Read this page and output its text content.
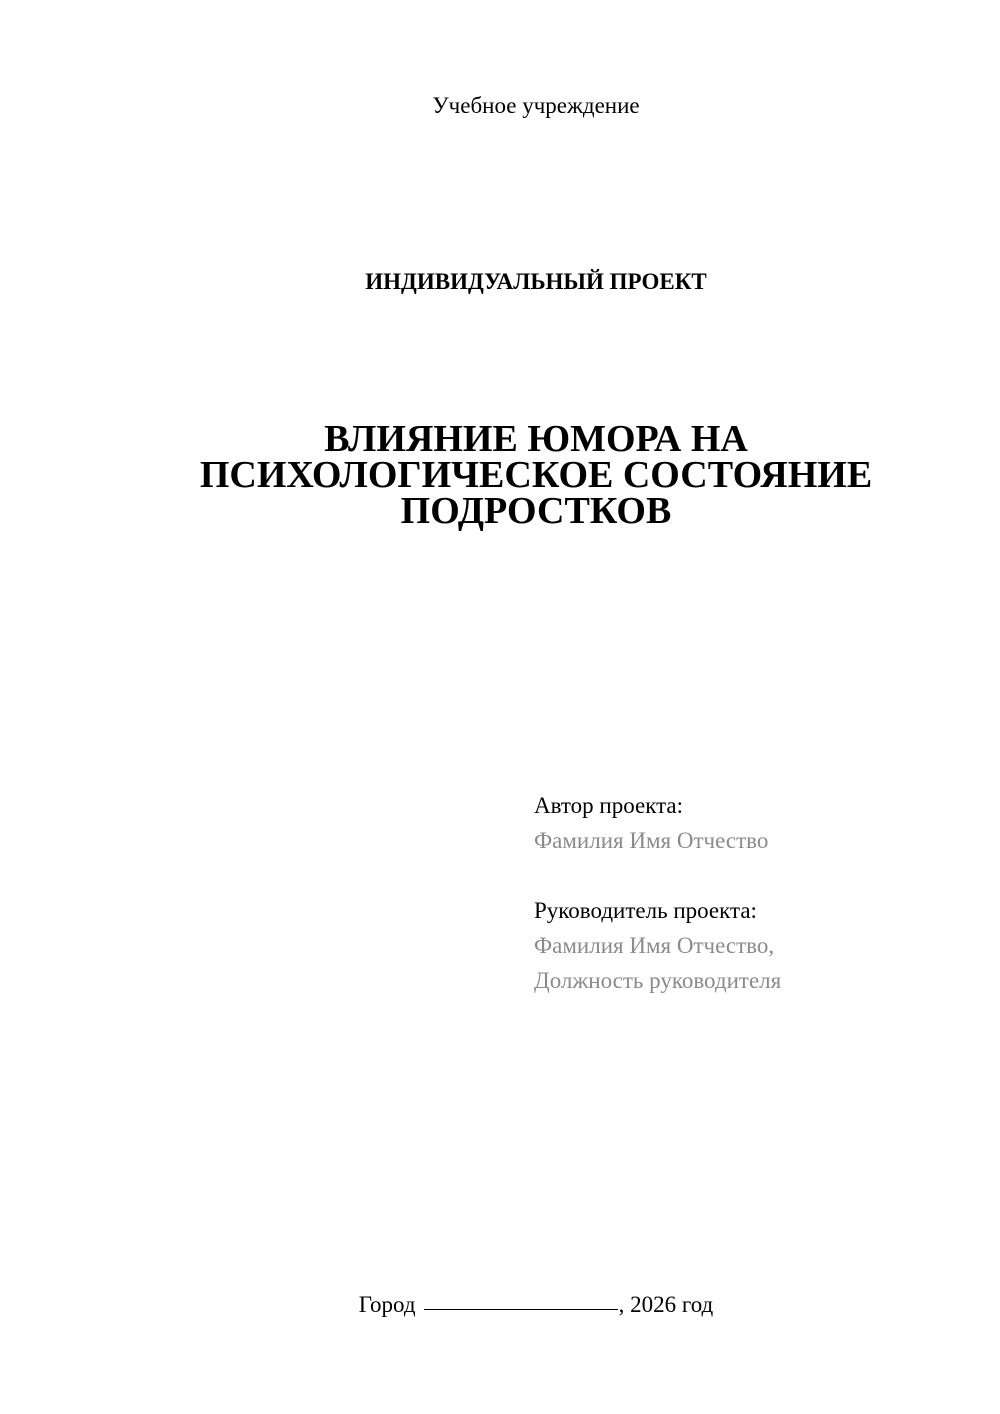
Учебное учреждение
ИНДИВИДУАЛЬНЫЙ ПРОЕКТ
ВЛИЯНИЕ ЮМОРА НА
ПСИХОЛОГИЧЕСКОЕ СОСТОЯНИЕ
ПОДРОСТКОВ
Автор проекта:
Фамилия Имя Отчество
Руководитель проекта:
Фамилия Имя Отчество,
Должность руководителя
Город	, 2026 год
